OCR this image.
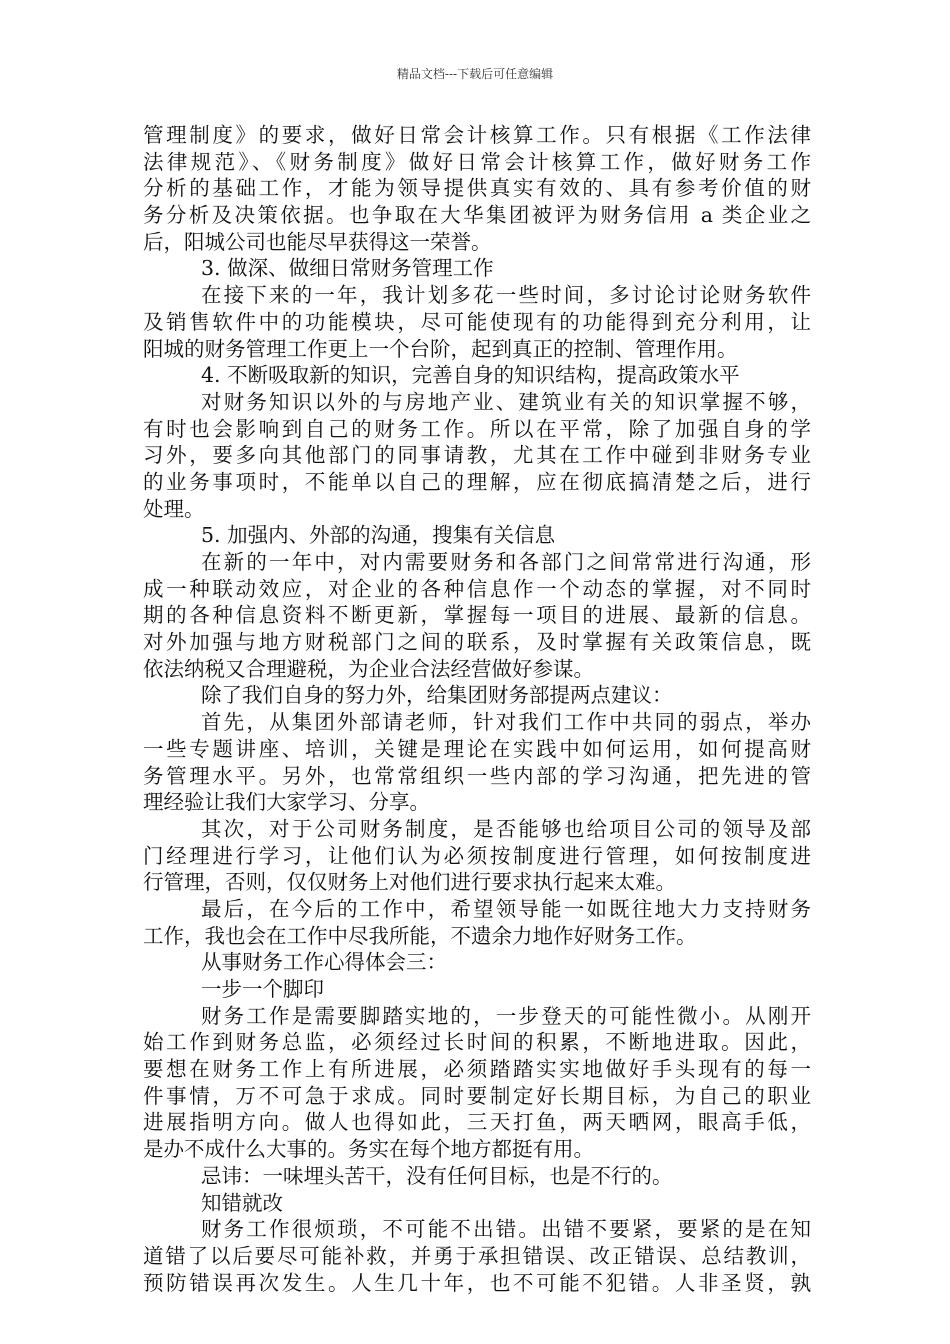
精品文档---下载后可任意编辑
管理制度》的要求，做好日常会计核算工作。只有根据《工作法律
法律规范》、《财务制度》做好日常会计核算工作，做好财务工作
分析的基础工作，才能为领导提供真实有效的、具有参考价值的财
务分析及决策依据。也争取在大华集团被评为财务信用 a 类企业之
后，阳城公司也能尽早获得这一荣誉。
3. 做深、做细日常财务管理工作
在接下来的一年，我计划多花一些时间，多讨论讨论财务软件
及销售软件中的功能模块，尽可能使现有的功能得到充分利用，让
阳城的财务管理工作更上一个台阶，起到真正的控制、管理作用。
4. 不断吸取新的知识，完善自身的知识结构，提高政策水平
对财务知识以外的与房地产业、建筑业有关的知识掌握不够，
有时也会影响到自己的财务工作。所以在平常，除了加强自身的学
习外，要多向其他部门的同事请教，尤其在工作中碰到非财务专业
的业务事项时，不能单以自己的理解，应在彻底搞清楚之后，进行
处理。
5. 加强内、外部的沟通，搜集有关信息
在新的一年中，对内需要财务和各部门之间常常进行沟通，形
成一种联动效应，对企业的各种信息作一个动态的掌握，对不同时
期的各种信息资料不断更新，掌握每一项目的进展、最新的信息。
对外加强与地方财税部门之间的联系，及时掌握有关政策信息，既
依法纳税又合理避税，为企业合法经营做好参谋。
除了我们自身的努力外，给集团财务部提两点建议：
首先，从集团外部请老师，针对我们工作中共同的弱点，举办
一些专题讲座、培训，关键是理论在实践中如何运用，如何提高财
务管理水平。另外，也常常组织一些内部的学习沟通，把先进的管
理经验让我们大家学习、分享。
其次，对于公司财务制度，是否能够也给项目公司的领导及部
门经理进行学习，让他们认为必须按制度进行管理，如何按制度进
行管理，否则，仅仅财务上对他们进行要求执行起来太难。
最后，在今后的工作中，希望领导能一如既往地大力支持财务
工作，我也会在工作中尽我所能，不遗余力地作好财务工作。
从事财务工作心得体会三：
一步一个脚印
财务工作是需要脚踏实地的，一步登天的可能性微小。从刚开
始工作到财务总监，必须经过长时间的积累，不断地进取。因此，
要想在财务工作上有所进展，必须踏踏实实地做好手头现有的每一
件事情，万不可急于求成。同时要制定好长期目标，为自己的职业
进展指明方向。做人也得如此，三天打鱼，两天晒网，眼高手低，
是办不成什么大事的。务实在每个地方都挺有用。
忌讳：一味埋头苦干，没有任何目标，也是不行的。
知错就改
财务工作很烦琐，不可能不出错。出错不要紧，要紧的是在知
道错了以后要尽可能补救，并勇于承担错误、改正错误、总结教训，
预防错误再次发生。人生几十年，也不可能不犯错。人非圣贤，孰
